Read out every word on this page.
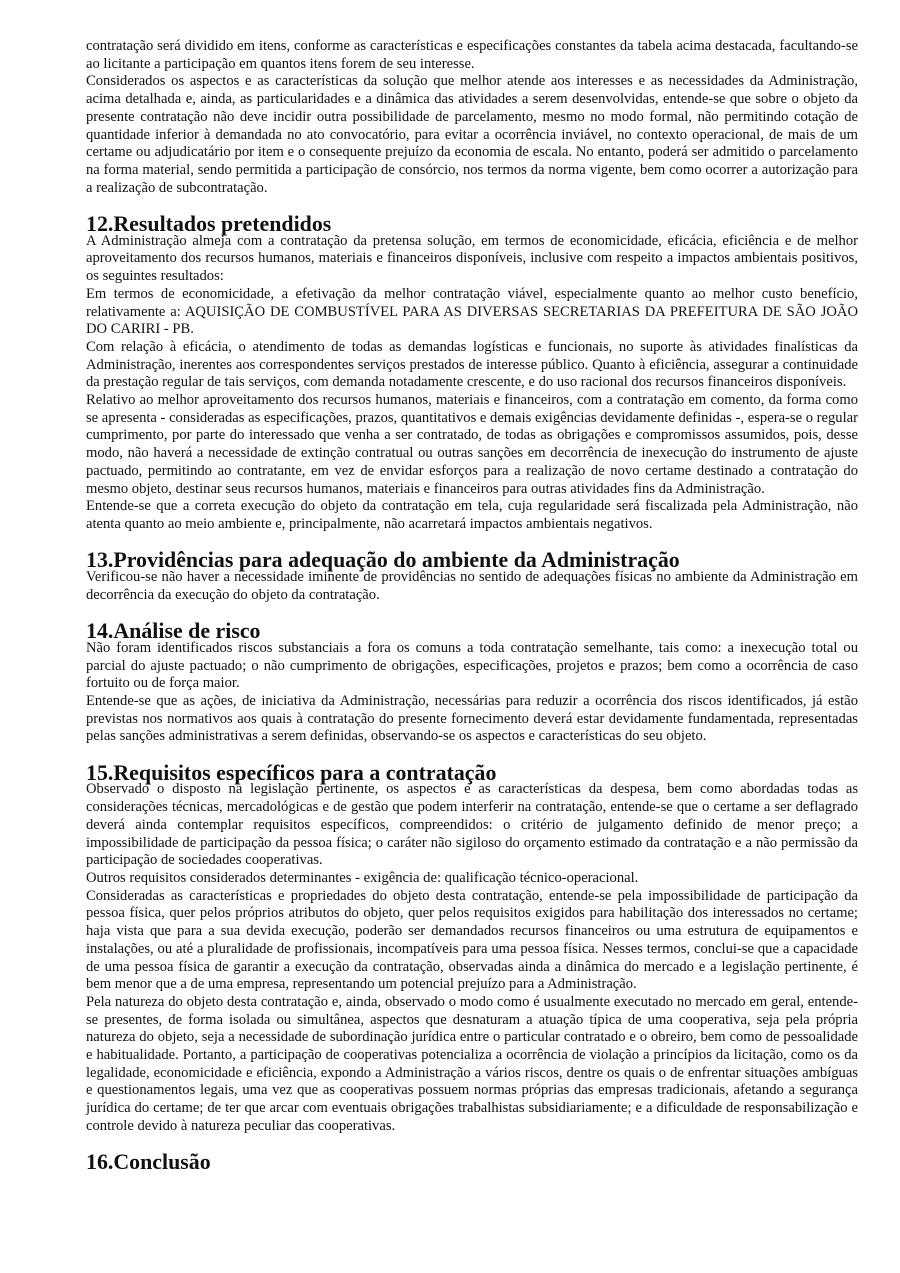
contratação será dividido em itens, conforme as características e especificações constantes da tabela acima destacada, facultando-se ao licitante a participação em quantos itens forem de seu interesse.

Considerados os aspectos e as características da solução que melhor atende aos interesses e as necessidades da Administração, acima detalhada e, ainda, as particularidades e a dinâmica das atividades a serem desenvolvidas, entende-se que sobre o objeto da presente contratação não deve incidir outra possibilidade de parcelamento, mesmo no modo formal, não permitindo cotação de quantidade inferior à demandada no ato convocatório, para evitar a ocorrência inviável, no contexto operacional, de mais de um certame ou adjudicatário por item e o consequente prejuízo da economia de escala. No entanto, poderá ser admitido o parcelamento na forma material, sendo permitida a participação de consórcio, nos termos da norma vigente, bem como ocorrer a autorização para a realização de subcontratação.

12.Resultados pretendidos

A Administração almeja com a contratação da pretensa solução, em termos de economicidade, eficácia, eficiência e de melhor aproveitamento dos recursos humanos, materiais e financeiros disponíveis, inclusive com respeito a impactos ambientais positivos, os seguintes resultados:

Em termos de economicidade, a efetivação da melhor contratação viável, especialmente quanto ao melhor custo benefício, relativamente a: AQUISIÇÃO DE COMBUSTÍVEL PARA AS DIVERSAS SECRETARIAS DA PREFEITURA DE SÃO JOÃO DO CARIRI - PB.

Com relação à eficácia, o atendimento de todas as demandas logísticas e funcionais, no suporte às atividades finalísticas da Administração, inerentes aos correspondentes serviços prestados de interesse público. Quanto à eficiência, assegurar a continuidade da prestação regular de tais serviços, com demanda notadamente crescente, e do uso racional dos recursos financeiros disponíveis.

Relativo ao melhor aproveitamento dos recursos humanos, materiais e financeiros, com a contratação em comento, da forma como se apresenta - consideradas as especificações, prazos, quantitativos e demais exigências devidamente definidas -, espera-se o regular cumprimento, por parte do interessado que venha a ser contratado, de todas as obrigações e compromissos assumidos, pois, desse modo, não haverá a necessidade de extinção contratual ou outras sanções em decorrência de inexecução do instrumento de ajuste pactuado, permitindo ao contratante, em vez de envidar esforços para a realização de novo certame destinado a contratação do mesmo objeto, destinar seus recursos humanos, materiais e financeiros para outras atividades fins da Administração.

Entende-se que a correta execução do objeto da contratação em tela, cuja regularidade será fiscalizada pela Administração, não atenta quanto ao meio ambiente e, principalmente, não acarretará impactos ambientais negativos.

13.Providências para adequação do ambiente da Administração

Verificou-se não haver a necessidade iminente de providências no sentido de adequações físicas no ambiente da Administração em decorrência da execução do objeto da contratação.

14.Análise de risco

Não foram identificados riscos substanciais a fora os comuns a toda contratação semelhante, tais como: a inexecução total ou parcial do ajuste pactuado; o não cumprimento de obrigações, especificações, projetos e prazos; bem como a ocorrência de caso fortuito ou de força maior.

Entende-se que as ações, de iniciativa da Administração, necessárias para reduzir a ocorrência dos riscos identificados, já estão previstas nos normativos aos quais à contratação do presente fornecimento deverá estar devidamente fundamentada, representadas pelas sanções administrativas a serem definidas, observando-se os aspectos e características do seu objeto.

15.Requisitos específicos para a contratação

Observado o disposto na legislação pertinente, os aspectos e as características da despesa, bem como abordadas todas as considerações técnicas, mercadológicas e de gestão que podem interferir na contratação, entende-se que o certame a ser deflagrado deverá ainda contemplar requisitos específicos, compreendidos: o critério de julgamento definido de menor preço; a impossibilidade de participação da pessoa física; o caráter não sigiloso do orçamento estimado da contratação e a não permissão da participação de sociedades cooperativas.

Outros requisitos considerados determinantes - exigência de: qualificação técnico-operacional.

Consideradas as características e propriedades do objeto desta contratação, entende-se pela impossibilidade de participação da pessoa física, quer pelos próprios atributos do objeto, quer pelos requisitos exigidos para habilitação dos interessados no certame; haja vista que para a sua devida execução, poderão ser demandados recursos financeiros ou uma estrutura de equipamentos e instalações, ou até a pluralidade de profissionais, incompatíveis para uma pessoa física. Nesses termos, conclui-se que a capacidade de uma pessoa física de garantir a execução da contratação, observadas ainda a dinâmica do mercado e a legislação pertinente, é bem menor que a de uma empresa, representando um potencial prejuízo para a Administração.

Pela natureza do objeto desta contratação e, ainda, observado o modo como é usualmente executado no mercado em geral, entende-se presentes, de forma isolada ou simultânea, aspectos que desnaturam a atuação típica de uma cooperativa, seja pela própria natureza do objeto, seja a necessidade de subordinação jurídica entre o particular contratado e o obreiro, bem como de pessoalidade e habitualidade. Portanto, a participação de cooperativas potencializa a ocorrência de violação a princípios da licitação, como os da legalidade, economicidade e eficiência, expondo a Administração a vários riscos, dentre os quais o de enfrentar situações ambíguas e questionamentos legais, uma vez que as cooperativas possuem normas próprias das empresas tradicionais, afetando a segurança jurídica do certame; de ter que arcar com eventuais obrigações trabalhistas subsidiariamente; e a dificuldade de responsabilização e controle devido à natureza peculiar das cooperativas.

16.Conclusão
